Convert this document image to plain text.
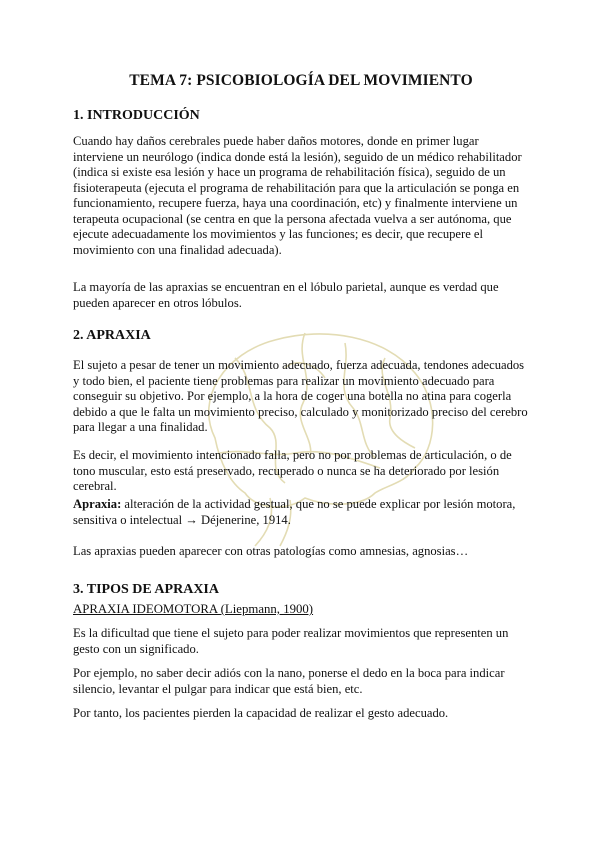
TEMA 7: PSICOBIOLOGÍA DEL MOVIMIENTO
1. INTRODUCCIÓN
Cuando hay daños cerebrales puede haber daños motores, donde en primer lugar interviene un neurólogo (indica donde está la lesión), seguido de un médico rehabilitador (indica si existe esa lesión y hace un programa de rehabilitación física), seguido de un fisioterapeuta (ejecuta el programa de rehabilitación para que la articulación se ponga en funcionamiento, recupere fuerza, haya una coordinación, etc) y finalmente interviene un terapeuta ocupacional (se centra en que la persona afectada vuelva a ser autónoma, que ejecute adecuadamente los movimientos y las funciones; es decir, que recupere el movimiento con una finalidad adecuada).
La mayoría de las apraxias se encuentran en el lóbulo parietal, aunque es verdad que pueden aparecer en otros lóbulos.
2. APRAXIA
El sujeto a pesar de tener un movimiento adecuado, fuerza adecuada, tendones adecuados y todo bien, el paciente tiene problemas para realizar un movimiento adecuado para conseguir su objetivo. Por ejemplo, a la hora de coger una botella no atina para cogerla debido a que le falta un movimiento preciso, calculado y monitorizado preciso del cerebro para llegar a una finalidad.
Es decir, el movimiento intencionado falla, pero no por problemas de articulación, o de tono muscular, esto está preservado, recuperado o nunca se ha deteriorado por lesión cerebral.
Apraxia: alteración de la actividad gestual, que no se puede explicar por lesión motora, sensitiva o intelectual → Déjenerine, 1914.
Las apraxias pueden aparecer con otras patologías como amnesias, agnosias…
3. TIPOS DE APRAXIA
APRAXIA IDEOMOTORA (Liepmann, 1900)
Es la dificultad que tiene el sujeto para poder realizar movimientos que representen un gesto con un significado.
Por ejemplo, no saber decir adiós con la nano, ponerse el dedo en la boca para indicar silencio, levantar el pulgar para indicar que está bien, etc.
Por tanto, los pacientes pierden la capacidad de realizar el gesto adecuado.
